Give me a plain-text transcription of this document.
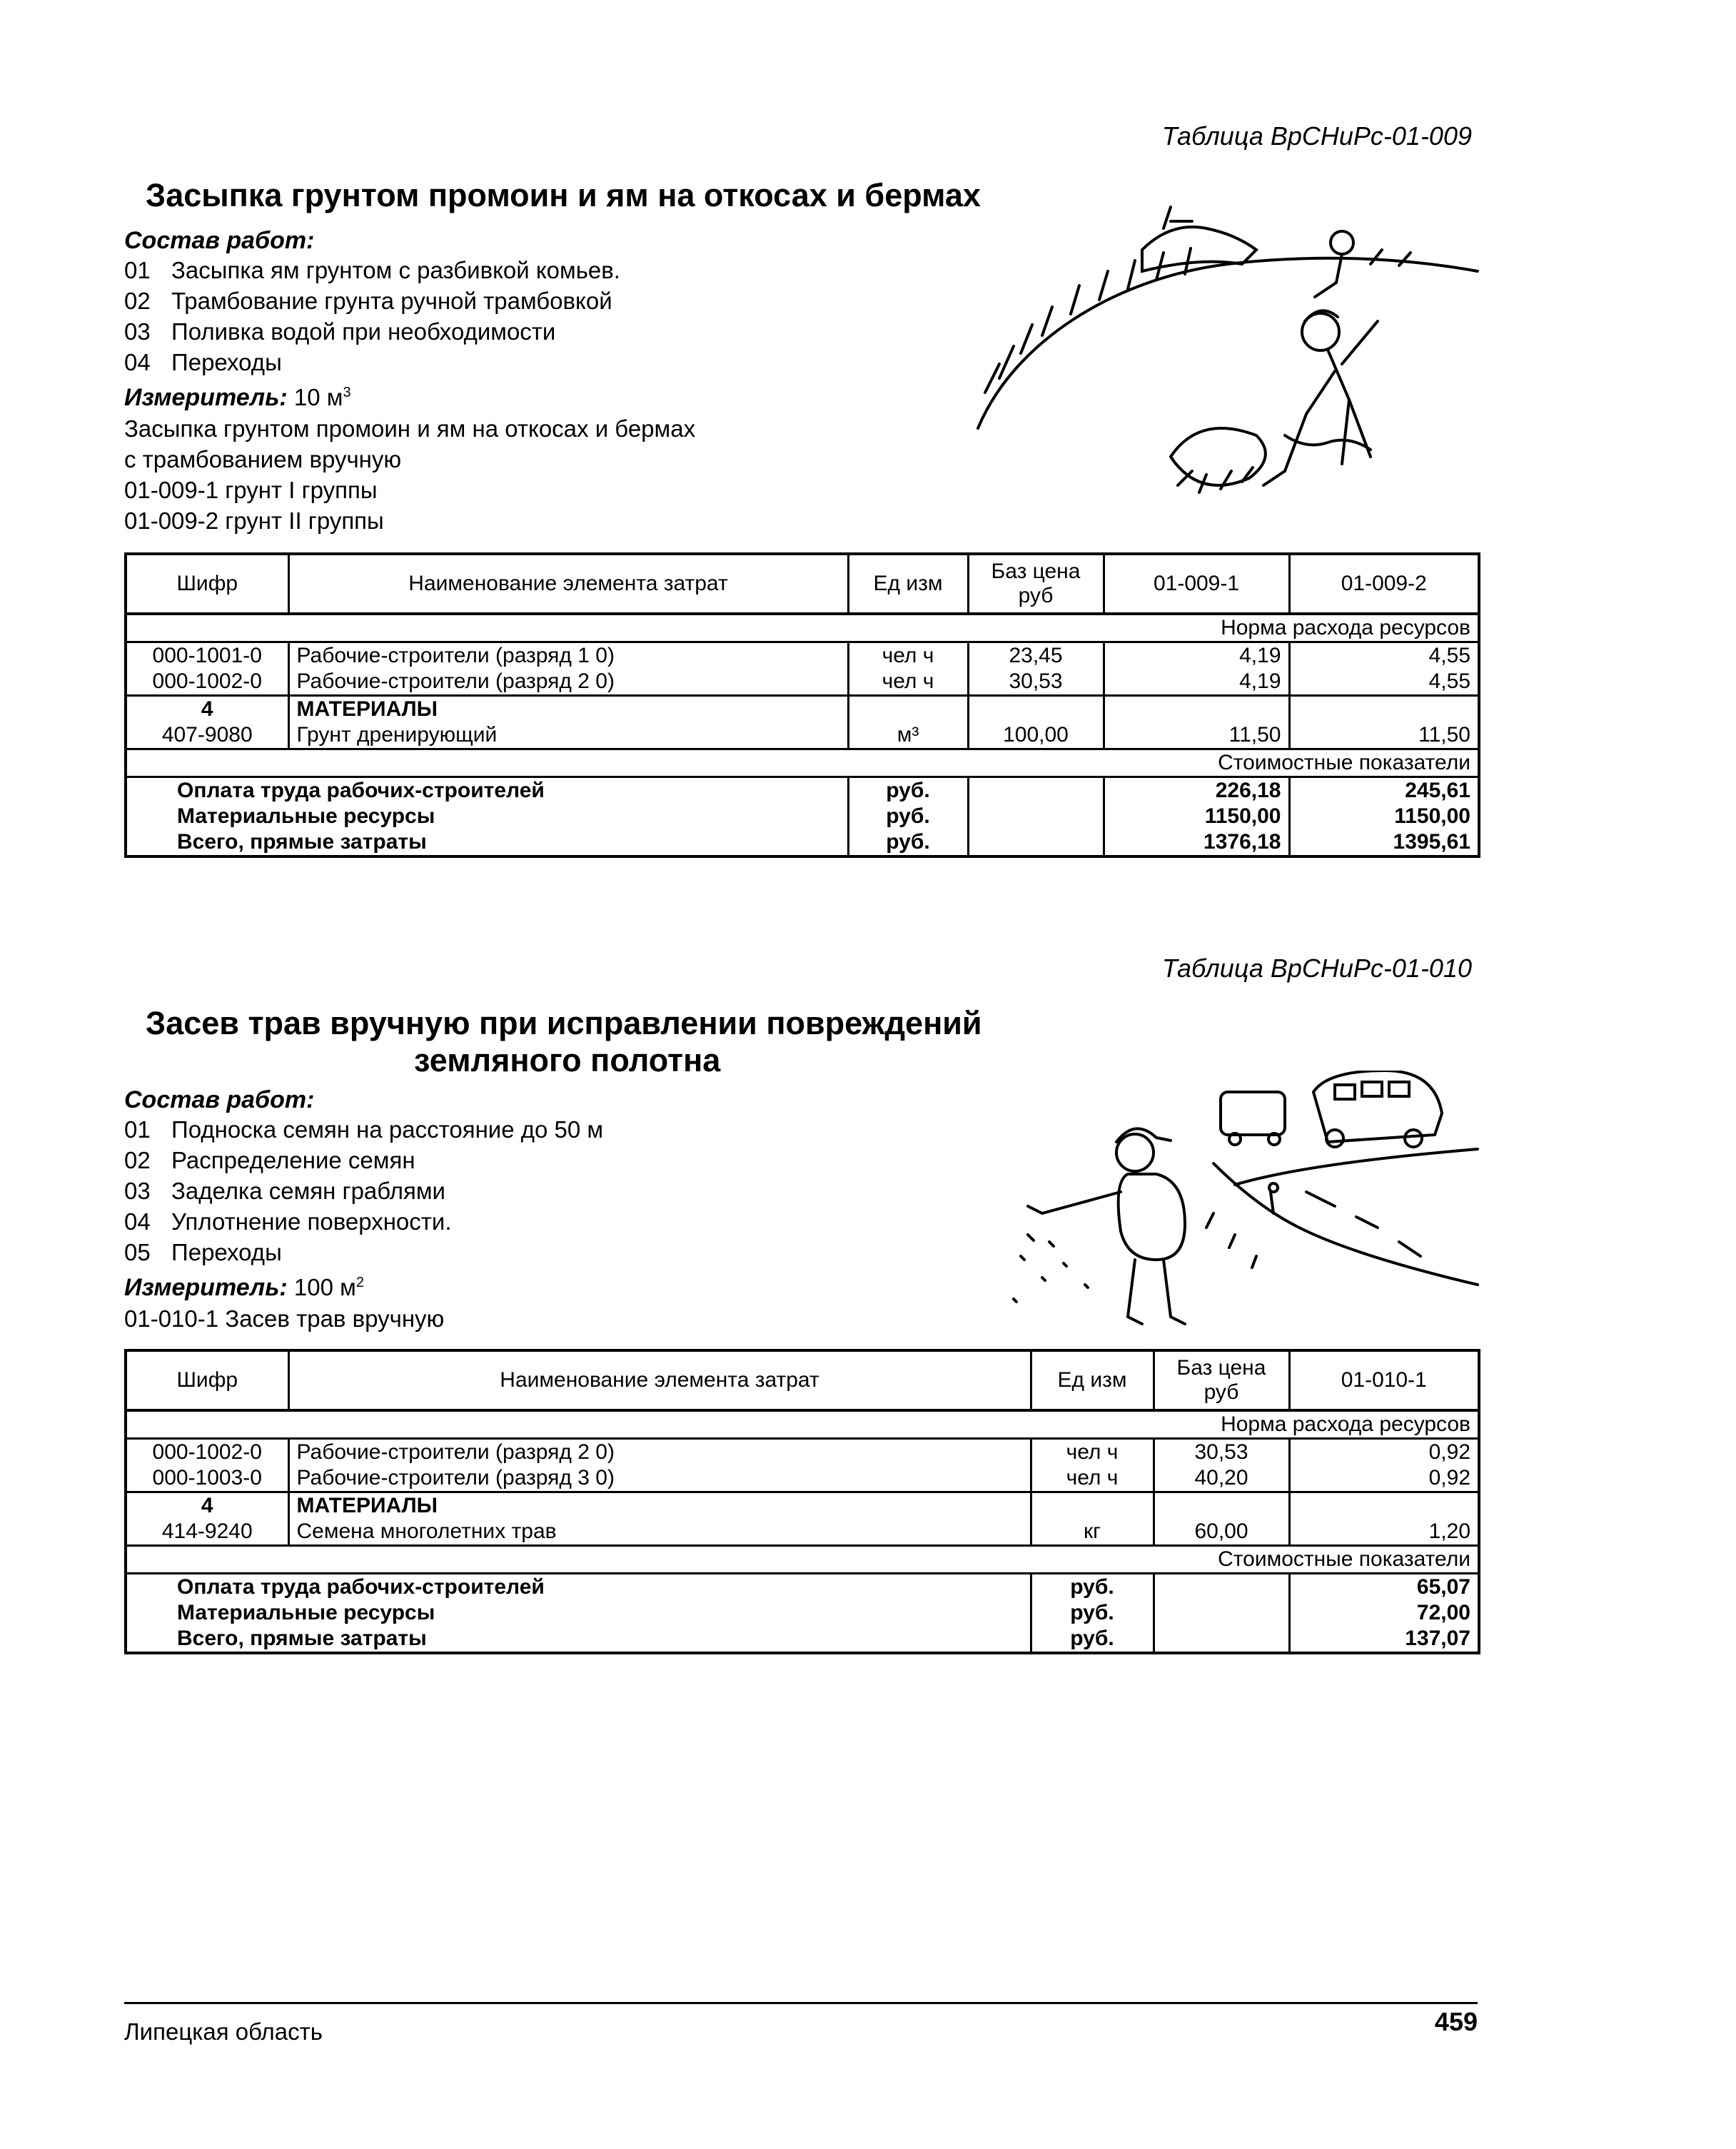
Таблица ВрСНиРс-01-009
Засыпка грунтом промоин и ям на откосах и бермах
Состав работ:
01 Засыпка ям грунтом с разбивкой комьев.
02 Трамбование грунта ручной трамбовкой
03 Поливка водой при необходимости
04 Переходы
Измеритель: 10 $м^3$
Засыпка грунтом промоин и ям на откосах и бермах
с трамбованием вручную
01-009-1 грунт I группы
01-009-2 грунт II группы
Шифр	Наименование элемента затрат	Ед изм	Баз цена руб	01-009-1	01-009-2
				Норма расхода ресурсов	
000-1001-0	Рабочие-строители (разряд 1 0)	чел ч	23,45	4,19	4,55
000-1002-0	Рабочие-строители (разряд 2 0)	чел ч	30,53	4,19	4,55
4	МАТЕРИАЛЫ				
407-9080	Грунт дренирующий	м³	100,00	11,50	11,50
				Стоимостные показатели	
Оплата труда рабочих-строителей		руб.		226,18	245,61
Материальные ресурсы		руб.		1150,00	1150,00
Всего, прямые затраты		руб.		1376,18	1395,61
Таблица ВрСНиРс-01-010
Засев трав вручную при исправлении повреждений
земляного полотна
Состав работ:
01 Подноска семян на расстояние до 50 м
02 Распределение семян
03 Заделка семян граблями
04 Уплотнение поверхности.
05 Переходы
Измеритель: 100 $м^2$
01-010-1 Засев трав вручную
Шифр	Наименование элемента затрат	Ед изм	Баз цена руб	01-010-1
			Норма расхода ресурсов	
000-1002-0	Рабочие-строители (разряд 2 0)	чел ч	30,53	0,92
000-1003-0	Рабочие-строители (разряд 3 0)	чел ч	40,20	0,92
4	МАТЕРИАЛЫ			
414-9240	Семена многолетних трав	кг	60,00	1,20
			Стоимостные показатели	
Оплата труда рабочих-строителей		руб.		65,07
Материальные ресурсы		руб.		72,00
Всего, прямые затраты		руб.		137,07
Липецкая область	459
